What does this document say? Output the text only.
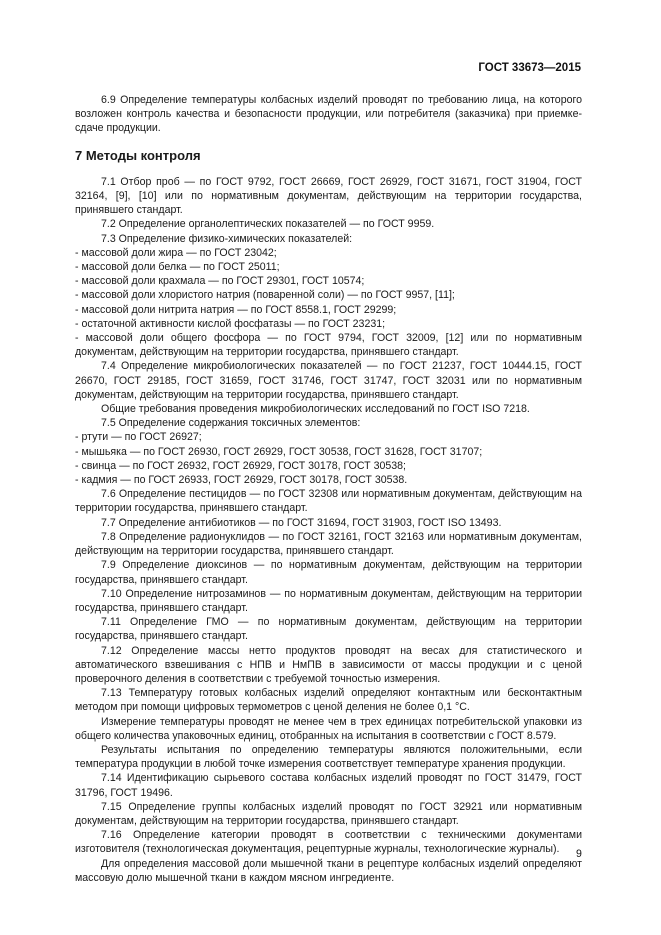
ГОСТ 33673—2015

6.9 Определение температуры колбасных изделий проводят по требованию лица, на которого возложен контроль качества и безопасности продукции, или потребителя (заказчика) при приемке-сдаче продукции.

7 Методы контроля

7.1 Отбор проб — по ГОСТ 9792, ГОСТ 26669, ГОСТ 26929, ГОСТ 31671, ГОСТ 31904, ГОСТ 32164, [9], [10] или по нормативным документам, действующим на территории государства, принявшего стандарт.

7.2 Определение органолептических показателей — по ГОСТ 9959.

7.3 Определение физико-химических показателей:

- массовой доли жира — по ГОСТ 23042;

- массовой доли белка — по ГОСТ 25011;

- массовой доли крахмала — по ГОСТ 29301, ГОСТ 10574;

- массовой доли хлористого натрия (поваренной соли) — по ГОСТ 9957, [11];

- массовой доли нитрита натрия — по ГОСТ 8558.1, ГОСТ 29299;

- остаточной активности кислой фосфатазы — по ГОСТ 23231;

- массовой доли общего фосфора — по ГОСТ 9794, ГОСТ 32009, [12] или по нормативным документам, действующим на территории государства, принявшего стандарт.

7.4 Определение микробиологических показателей — по ГОСТ 21237, ГОСТ 10444.15, ГОСТ 26670, ГОСТ 29185, ГОСТ 31659, ГОСТ 31746, ГОСТ 31747, ГОСТ 32031 или по нормативным документам, действующим на территории государства, принявшего стандарт.

Общие требования проведения микробиологических исследований по ГОСТ ISO 7218.

7.5 Определение содержания токсичных элементов:

- ртути — по ГОСТ 26927;

- мышьяка — по ГОСТ 26930, ГОСТ 26929, ГОСТ 30538, ГОСТ 31628, ГОСТ 31707;

- свинца — по ГОСТ 26932, ГОСТ 26929, ГОСТ 30178, ГОСТ 30538;

- кадмия — по ГОСТ 26933, ГОСТ 26929, ГОСТ 30178, ГОСТ 30538.

7.6 Определение пестицидов — по ГОСТ 32308 или нормативным документам, действующим на территории государства, принявшего стандарт.

7.7 Определение антибиотиков — по ГОСТ 31694, ГОСТ 31903, ГОСТ ISO 13493.

7.8 Определение радионуклидов — по ГОСТ 32161, ГОСТ 32163 или нормативным документам, действующим на территории государства, принявшего стандарт.

7.9 Определение диоксинов — по нормативным документам, действующим на территории государства, принявшего стандарт.

7.10 Определение нитрозаминов — по нормативным документам, действующим на территории государства, принявшего стандарт.

7.11 Определение ГМО — по нормативным документам, действующим на территории государства, принявшего стандарт.

7.12 Определение массы нетто продуктов проводят на весах для статистического и автоматического взвешивания с НПВ и НмПВ в зависимости от массы продукции и с ценой проверочного деления в соответствии с требуемой точностью измерения.

7.13 Температуру готовых колбасных изделий определяют контактным или бесконтактным методом при помощи цифровых термометров с ценой деления не более 0,1 °С.

Измерение температуры проводят не менее чем в трех единицах потребительской упаковки из общего количества упаковочных единиц, отобранных на испытания в соответствии с ГОСТ 8.579.

Результаты испытания по определению температуры являются положительными, если температура продукции в любой точке измерения соответствует температуре хранения продукции.

7.14 Идентификацию сырьевого состава колбасных изделий проводят по ГОСТ 31479, ГОСТ 31796, ГОСТ 19496.

7.15 Определение группы колбасных изделий проводят по ГОСТ 32921 или нормативным документам, действующим на территории государства, принявшего стандарт.

7.16 Определение категории проводят в соответствии с техническими документами изготовителя (технологическая документация, рецептурные журналы, технологические журналы).

Для определения массовой доли мышечной ткани в рецептуре колбасных изделий определяют массовую долю мышечной ткани в каждом мясном ингредиенте.

9
